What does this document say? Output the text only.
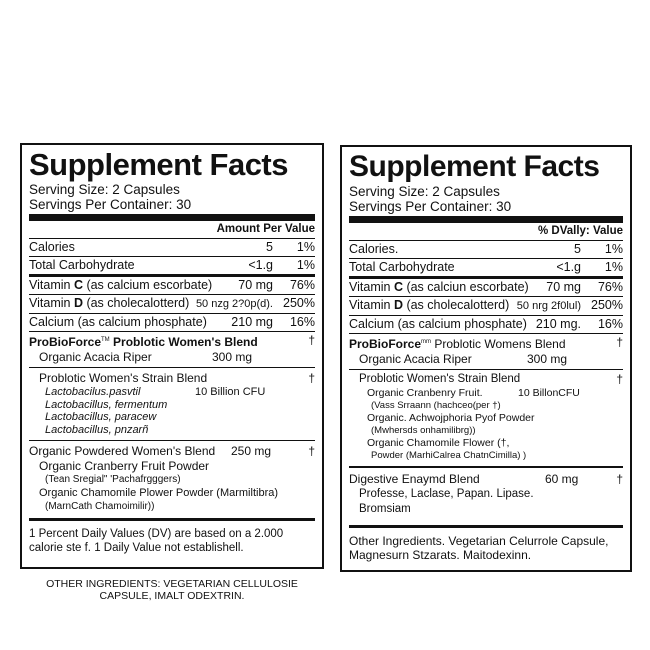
Supplement Facts
Serving Size: 2 Capsules
Servings Per Container: 30
Amount Per Value
Calories	5	1%
Total Carbohydrate	<1.g	1%
Vitamin C (as calcium escorbate)	70 mg	76%
Vitamin D (as cholecalotterd) 50 nzg 2?0p(d). 250%
Calcium (as calcium phosphate)	210 mg	16%
ProBioForce™ Problotic Women's Blend	†
Organic Acacia Riper	300 mg
Problotic Women's Strain Blend	†
Lactobacilus.pasvtil
Lactobacillus, fermentum
Lactobacillus, paracew
Lactobacillus, pnzarñ
10 Billion CFU
Organic Powdered Women's Blend	250 mg	†
Organic Cranberry Fruit Powder
(Tean Sregial" 'Pachafrgggers)
Organic Chamomile Plower Powder (Marmiltibra)
(MarnCath Chamoimilir))
1 Percent Daily Values (DV) are based on a 2.000 calorie ste f. 1 Daily Value not establishell.
OTHER INGREDIENTS: VEGETARIAN CELLULOSIE CAPSULE, IMALT ODEXTRIN.
Supplement Facts
Serving Size: 2 Capsules
Servings Per Container: 30
% DVally: Value
Calories.	5	1%
Total Carbohydrate	<1.g	1%
Vitamin C (as calciun escorbate)	70 mg	76%
Vitamin D (as cholecalotterd) 50 nrg 2f0lul) 250%
Calcium (as calcium phosphate) 210 mg.	16%
ProBioForce$^{mm}$ Problotic Womens Blend	†
Organic Acacia Riper	300 mg
Problotic Women's Strain Blend	†
Organic Cranbenry Fruit.	10 BillonCFU
(Vass Srraann (hachceo(per †)
Organic. Achwojphoria Pyof Powder
(Mwhersds onhamilibrg))
Organic Chamomile Flower (†,
Powder (MarhiCalrea ChatnCimilla) )
Digestive Enaymd Blend	60 mg	†
Professe, Laclase, Papan. Lipase.
Bromsiam
Other Ingredients. Vegetarian Celurrole Capsule, Magnesurn Stzarats. Maitodexinn.
